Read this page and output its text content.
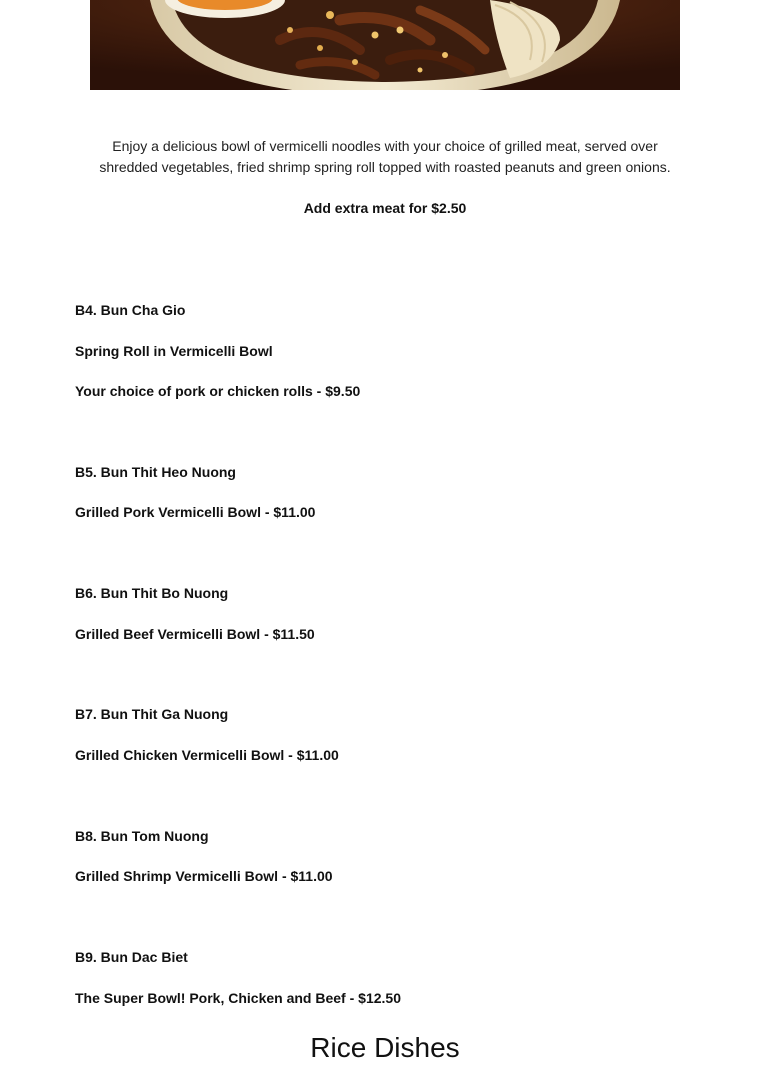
Enjoy a delicious bowl of vermicelli noodles with your choice of grilled meat, served over shredded vegetables, fried shrimp spring roll topped with roasted peanuts and green onions.
Add extra meat for $2.50
B4. Bun Cha Gio
Spring Roll in Vermicelli Bowl
Your choice of pork or chicken rolls - $9.50
B5. Bun Thit Heo Nuong
Grilled Pork Vermicelli Bowl - $11.00
B6. Bun Thit Bo Nuong
Grilled Beef Vermicelli Bowl - $11.50
B7. Bun Thit Ga Nuong
Grilled Chicken Vermicelli Bowl - $11.00
B8. Bun Tom Nuong
Grilled Shrimp Vermicelli Bowl - $11.00
B9. Bun Dac Biet
The Super Bowl! Pork, Chicken and Beef - $12.50
Rice Dishes
